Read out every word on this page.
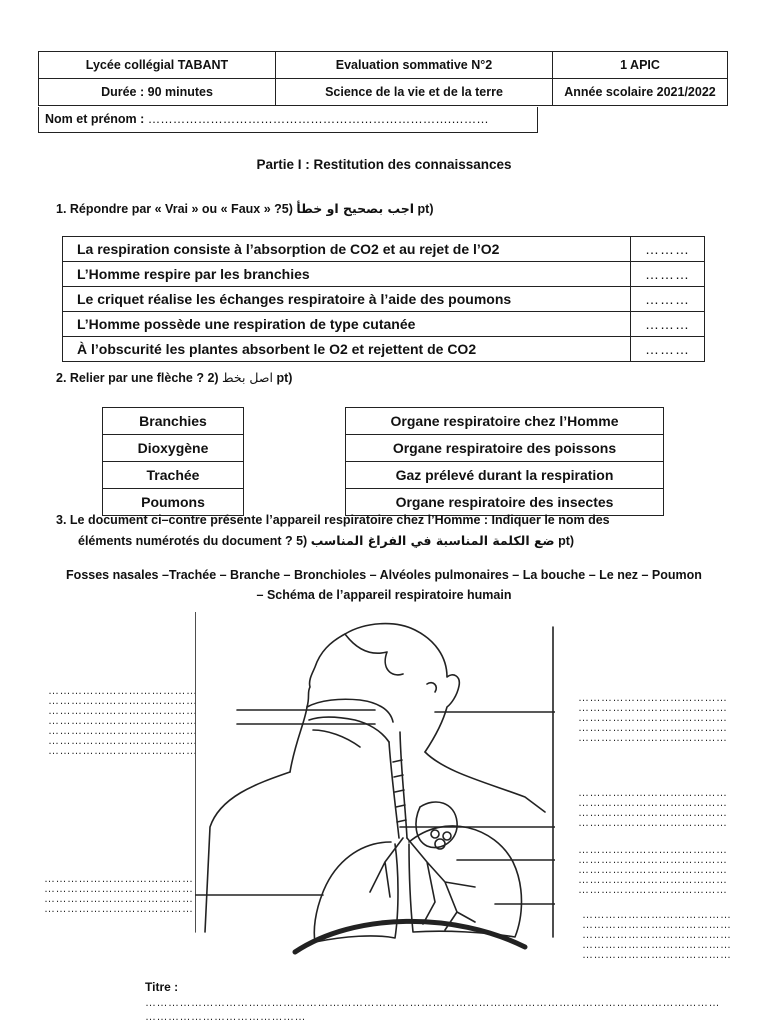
Lycée collégial TABANT	Evaluation sommative N°2	1 APIC
Durée : 90 minutes	Science de la vie et de la terre	Année scolaire 2021/2022
Nom et prénom : ……………………………………………………………….………
Partie I : Restitution des connaissances
1. Répondre par « Vrai » ou « Faux » ?5) اجب بصحيح او خطأ pt)
La respiration consiste à l’absorption de CO2 et au rejet de l’O2	………
L’Homme respire par les branchies	………
Le criquet réalise les échanges respiratoire à l’aide des poumons	………
L’Homme possède une respiration de type cutanée	………
À l’obscurité les plantes absorbent le O2 et rejettent de CO2	………
2. Relier par une flèche ? 2) اصل بخط pt)
Branchies
Dioxygène
Trachée
Poumons
Organe respiratoire chez l’Homme
Organe respiratoire des poissons
Gaz prélevé durant la respiration
Organe respiratoire des insectes
3. Le document ci–contre présente l’appareil respiratoire chez l’Homme : Indiquer le nom des
éléments numérotés du document ? 5) ضع الكلمة المناسبة في الفراغ المناسب pt)
Fosses nasales –Trachée – Branche – Bronchioles – Alvéoles pulmonaires – La bouche – Le nez – Poumon
– Schéma de l’appareil respiratoire humain
…………………………………
…………………………………
…………………………………
…………………………………
…………………………………
…………………………………
…………………………………
…………………………………
…………………………………
…………………………………
…………………………………
…………………………………
…………………………………
…………………………………
…………………………………
…………………………………
…………………………………
…………………………………
…………………………………
…………………………………
…………………………………
…………………………………
…………………………………
…………………………………
…………………………………	…………………………………
…………………………………
…………………………………
…………………………………
…………………………………
Titre :
……………………………………………………………………………………………………………………………………
……………………………………
